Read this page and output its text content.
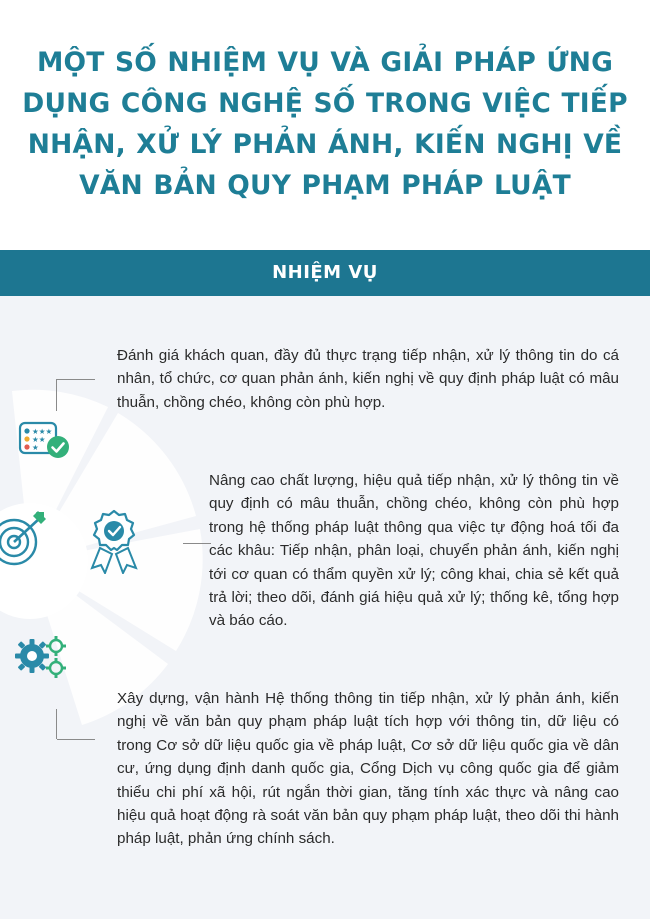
MỘT SỐ NHIỆM VỤ VÀ GIẢI PHÁP ỨNG DỤNG CÔNG NGHỆ SỐ TRONG VIỆC TIẾP NHẬN, XỬ LÝ PHẢN ÁNH, KIẾN NGHỊ VỀ VĂN BẢN QUY PHẠM PHÁP LUẬT
NHIỆM VỤ
★★★
★★
★

Đánh giá khách quan, đầy đủ thực trạng tiếp nhận, xử lý thông tin do cá nhân, tổ chức, cơ quan phản ánh, kiến nghị về quy định pháp luật có mâu thuẫn, chồng chéo, không còn phù hợp.

Nâng cao chất lượng, hiệu quả tiếp nhận, xử lý thông tin về quy định có mâu thuẫn, chồng chéo, không còn phù hợp trong hệ thống pháp luật thông qua việc tự động hoá tối đa các khâu: Tiếp nhận, phân loại, chuyển phản ánh, kiến nghị tới cơ quan có thẩm quyền xử lý; công khai, chia sẻ kết quả trả lời; theo dõi, đánh giá hiệu quả xử lý; thống kê, tổng hợp và báo cáo.

Xây dựng, vận hành Hệ thống thông tin tiếp nhận, xử lý phản ánh, kiến nghị về văn bản quy phạm pháp luật tích hợp với thông tin, dữ liệu có trong Cơ sở dữ liệu quốc gia về pháp luật, Cơ sở dữ liệu quốc gia về dân cư, ứng dụng định danh quốc gia, Cổng Dịch vụ công quốc gia để giảm thiểu chi phí xã hội, rút ngắn thời gian, tăng tính xác thực và nâng cao hiệu quả hoạt động rà soát văn bản quy phạm pháp luật, theo dõi thi hành pháp luật, phản ứng chính sách.
